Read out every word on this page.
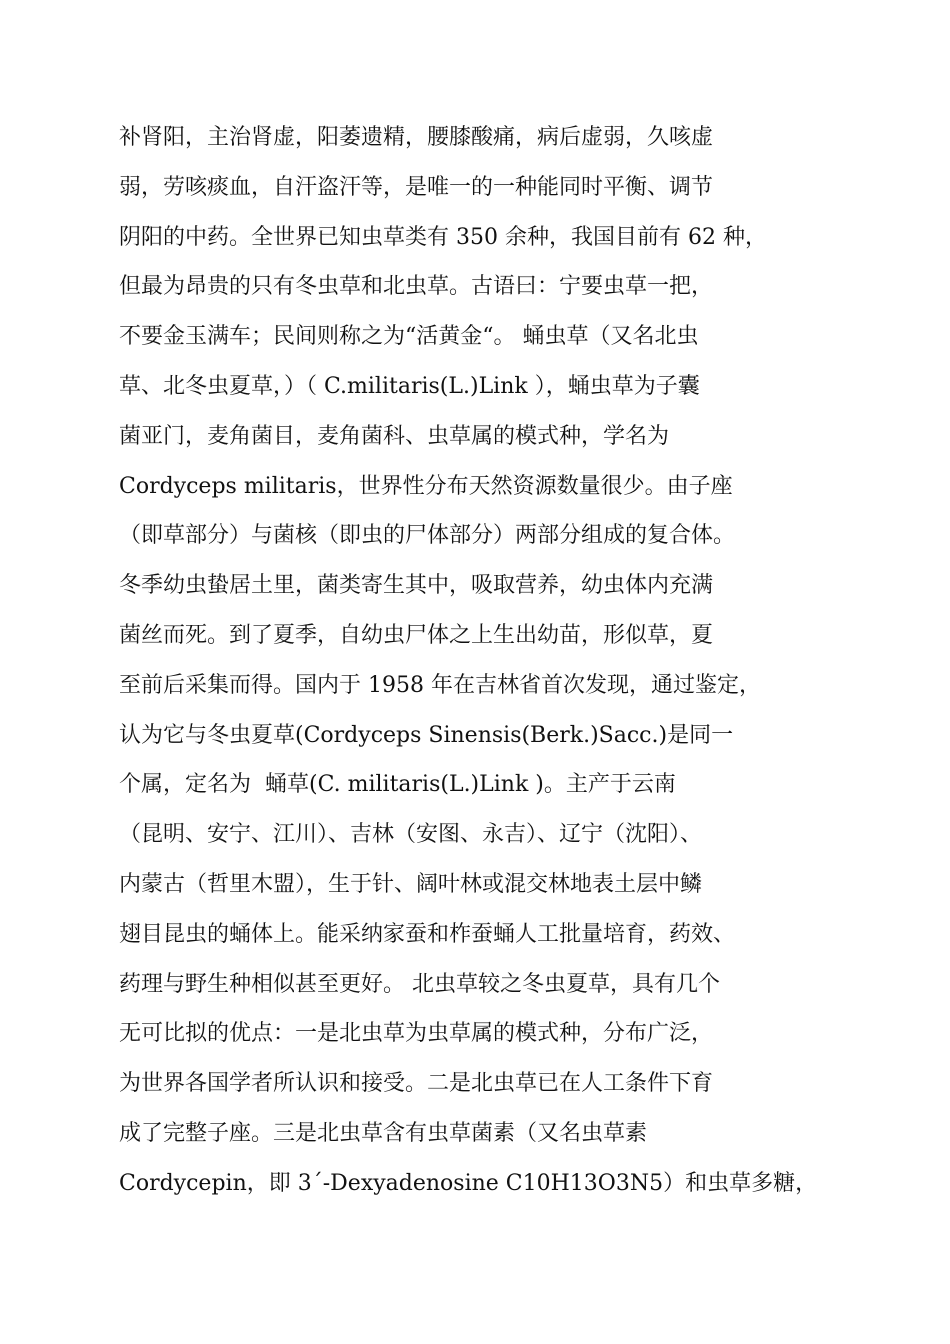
补肾阳，主治肾虚，阳萎遗精，腰膝酸痛，病后虚弱，久咳虚
弱，劳咳痰血，自汗盗汗等，是唯一的一种能同时平衡、调节
阴阳的中药。全世界已知虫草类有 350 余种，我国目前有 62 种，
但最为昂贵的只有冬虫草和北虫草。古语曰：宁要虫草一把，
不要金玉满车；民间则称之为“活黄金“。 蛹虫草（又名北虫
草、北冬虫夏草，）（ C.militaris(L.)Link ），蛹虫草为子囊
菌亚门，麦角菌目，麦角菌科、虫草属的模式种，学名为
Cordyceps militaris，世界性分布天然资源数量很少。由子座
（即草部分）与菌核（即虫的尸体部分）两部分组成的复合体。
冬季幼虫蛰居土里，菌类寄生其中，吸取营养，幼虫体内充满
菌丝而死。到了夏季，自幼虫尸体之上生出幼苗，形似草，夏
至前后采集而得。国内于 1958 年在吉林省首次发现，通过鉴定，
认为它与冬虫夏草(Cordyceps Sinensis(Berk.)Sacc.)是同一
个属，定名为  蛹草(C. militaris(L.)Link )。主产于云南
（昆明、安宁、江川）、吉林（安图、永吉）、辽宁（沈阳）、
内蒙古（哲里木盟），生于针、阔叶林或混交林地表土层中鳞
翅目昆虫的蛹体上。能采纳家蚕和柞蚕蛹人工批量培育，药效、
药理与野生种相似甚至更好。 北虫草较之冬虫夏草，具有几个
无可比拟的优点：一是北虫草为虫草属的模式种，分布广泛，
为世界各国学者所认识和接受。二是北虫草已在人工条件下育
成了完整子座。三是北虫草含有虫草菌素（又名虫草素
Cordycepin，即 3´-Dexyadenosine C10H13O3N5）和虫草多糖，
